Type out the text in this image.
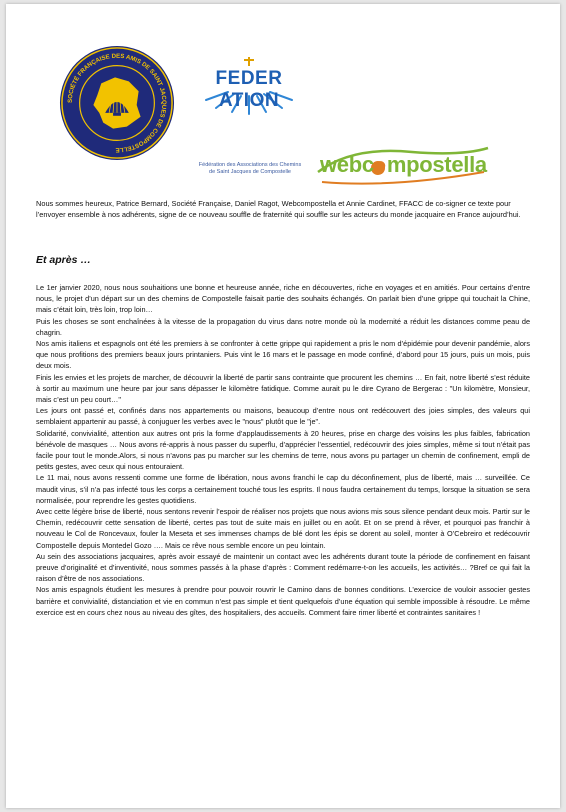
SOCIÉTÉ FRANÇAISE DES AMIS DE SAINT JACQUES DE COMPOSTELLE
FEDER ATION
Fédération des Associations des Chemins de Saint Jacques de Compostelle	webc●mpostella

Nous sommes heureux, Patrice Bernard, Société Française, Daniel Ragot, Webcompostella et Annie Cardinet, FFACC de co-signer ce texte pour l’envoyer ensemble à nos adhérents, signe de ce nouveau souffle de fraternité qui souffle sur les acteurs du monde jacquaire en France aujourd’hui.

Et après …

Le 1er janvier 2020, nous nous souhaitions une bonne et heureuse année, riche en découvertes, riche en voyages et en amitiés. Pour certains d’entre nous, le projet d’un départ sur un des chemins de Compostelle faisait partie des souhaits échangés. On parlait bien d’une grippe qui touchait la Chine, mais c’était loin, très loin, trop loin…

Puis les choses se sont enchaînées à la vitesse de la propagation du virus dans notre monde où la modernité a réduit les distances comme peau de chagrin.

Nos amis italiens et espagnols ont été les premiers à se confronter à cette grippe qui rapidement a pris le nom d’épidémie pour devenir pandémie, alors que nous profitions des premiers beaux jours printaniers. Puis vint le 16 mars et le passage en mode confiné, d’abord pour 15 jours, puis un mois, puis deux mois.

Finis les envies et les projets de marcher, de découvrir la liberté de partir sans contrainte que procurent les chemins … En fait, notre liberté s’est réduite à sortir au maximum une heure par jour sans dépasser le kilomètre fatidique. Comme aurait pu le dire Cyrano de Bergerac : "Un kilomètre, Monsieur, mais c’est un peu court…"

Les jours ont passé et, confinés dans nos appartements ou maisons, beaucoup d’entre nous ont redécouvert des joies simples, des valeurs qui semblaient appartenir au passé, à conjuguer les verbes avec le "nous" plutôt que le "je".

Solidarité, convivialité, attention aux autres ont pris la forme d’applaudissements à 20 heures, prise en charge des voisins les plus faibles, fabrication bénévole de masques … Nous avons ré-appris à nous passer du superflu, d’apprécier l’essentiel, redécouvrir des joies simples, même si tout n’était pas facile pour tout le monde.Alors, si nous n’avons pas pu marcher sur les chemins de terre, nous avons pu partager un chemin de confinement, empli de petits gestes, avec ceux qui nous entouraient.

Le 11 mai, nous avons ressenti comme une forme de libération, nous avons franchi le cap du déconfinement, plus de liberté, mais … surveillée. Ce maudit virus, s’il n’a pas infecté tous les corps a certainement touché tous les esprits. Il nous faudra certainement du temps, lorsque la situation se sera normalisée, pour reprendre les gestes quotidiens.

Avec cette légère brise de liberté, nous sentons revenir l’espoir de réaliser nos projets que nous avions mis sous silence pendant deux mois. Partir sur le Chemin, redécouvrir cette sensation de liberté, certes pas tout de suite mais en juillet ou en août. Et on se prend à rêver, et pourquoi pas franchir à nouveau le Col de Roncevaux, fouler la Meseta et ses immenses champs de blé dont les épis se dorent au soleil, monter à O’Cebreiro et redécouvrir Compostelle depuis Montedel Gozo …. Mais ce rêve nous semble encore un peu lointain.

Au sein des associations jacquaires, après avoir essayé de maintenir un contact avec les adhérents durant toute la période de confinement en faisant preuve d’originalité et d’inventivité, nous sommes passés à la phase d’après : Comment redémarre-t-on les accueils, les activités… ?Bref ce qui fait la raison d’être de nos associations.

Nos amis espagnols étudient les mesures à prendre pour pouvoir rouvrir le Camino dans de bonnes conditions. L’exercice de vouloir associer gestes barrière et convivialité, distanciation et vie en commun n’est pas simple et tient quelquefois d’une équation qui semble impossible à résoudre. Le même exercice est en cours chez nous au niveau des gîtes, des hospitaliers, des accueils. Comment faire rimer liberté et contraintes sanitaires !
